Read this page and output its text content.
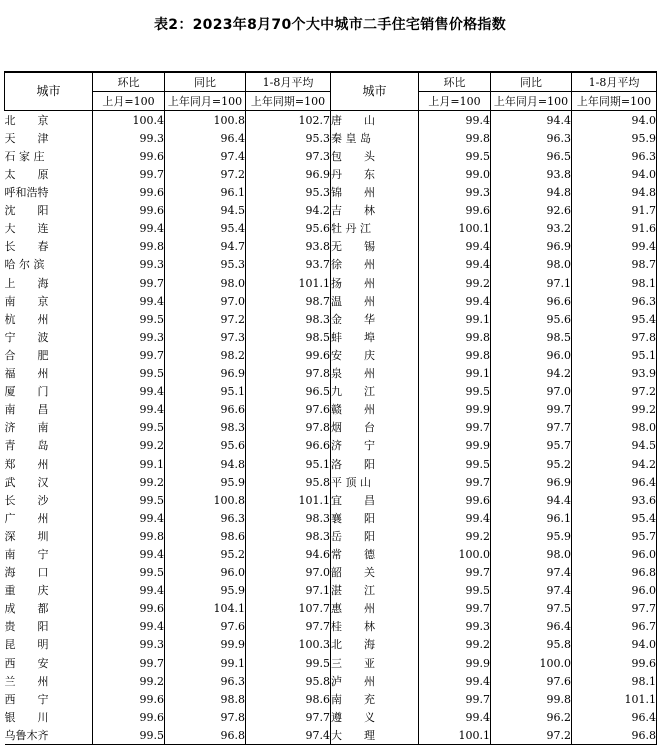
表2：2023年8月70个大中城市二手住宅销售价格指数
城市	环比	同比	1-8月平均	城市	环比	同比	1-8月平均
	上月=100	上年同月=100	上年同期=100		上月=100	上年同月=100	上年同期=100
北　　京	100.4	100.8	102.7	唐　　山	99.4	94.4	94.0
天　　津	99.3	96.4	95.3	秦 皇 岛	99.8	96.3	95.9
石 家 庄	99.6	97.4	97.3	包　　头	99.5	96.5	96.3
太　　原	99.7	97.2	96.9	丹　　东	99.0	93.8	94.0
呼和浩特	99.6	96.1	95.3	锦　　州	99.3	94.8	94.8
沈　　阳	99.6	94.5	94.2	吉　　林	99.6	92.6	91.7
大　　连	99.4	95.4	95.6	牡 丹 江	100.1	93.2	91.6
长　　春	99.8	94.7	93.8	无　　锡	99.4	96.9	99.4
哈 尔 滨	99.3	95.3	93.7	徐　　州	99.4	98.0	98.7
上　　海	99.7	98.0	101.1	扬　　州	99.2	97.1	98.1
南　　京	99.4	97.0	98.7	温　　州	99.4	96.6	96.3
杭　　州	99.5	97.2	98.3	金　　华	99.1	95.6	95.4
宁　　波	99.3	97.3	98.5	蚌　　埠	99.8	98.5	97.8
合　　肥	99.7	98.2	99.6	安　　庆	99.8	96.0	95.1
福　　州	99.5	96.9	97.8	泉　　州	99.1	94.2	93.9
厦　　门	99.4	95.1	96.5	九　　江	99.5	97.0	97.2
南　　昌	99.4	96.6	97.6	赣　　州	99.9	99.7	99.2
济　　南	99.5	98.3	97.8	烟　　台	99.7	97.7	98.0
青　　岛	99.2	95.6	96.6	济　　宁	99.9	95.7	94.5
郑　　州	99.1	94.8	95.1	洛　　阳	99.5	95.2	94.2
武　　汉	99.2	95.9	95.8	平 顶 山	99.7	96.9	96.4
长　　沙	99.5	100.8	101.1	宜　　昌	99.6	94.4	93.6
广　　州	99.4	96.3	98.3	襄　　阳	99.4	96.1	95.4
深　　圳	99.8	98.6	98.3	岳　　阳	99.2	95.9	95.7
南　　宁	99.4	95.2	94.6	常　　德	100.0	98.0	96.0
海　　口	99.5	96.0	97.0	韶　　关	99.7	97.4	96.8
重　　庆	99.4	95.9	97.1	湛　　江	99.5	97.4	96.0
成　　都	99.6	104.1	107.7	惠　　州	99.7	97.5	97.7
贵　　阳	99.4	97.6	97.7	桂　　林	99.3	96.4	96.7
昆　　明	99.3	99.9	100.3	北　　海	99.2	95.8	94.0
西　　安	99.7	99.1	99.5	三　　亚	99.9	100.0	99.6
兰　　州	99.2	96.3	95.8	泸　　州	99.4	97.6	98.1
西　　宁	99.6	98.8	98.6	南　　充	99.7	99.8	101.1
银　　川	99.6	97.8	97.7	遵　　义	99.4	96.2	96.4
乌鲁木齐	99.5	96.8	97.4	大　　理	100.1	97.2	96.8
